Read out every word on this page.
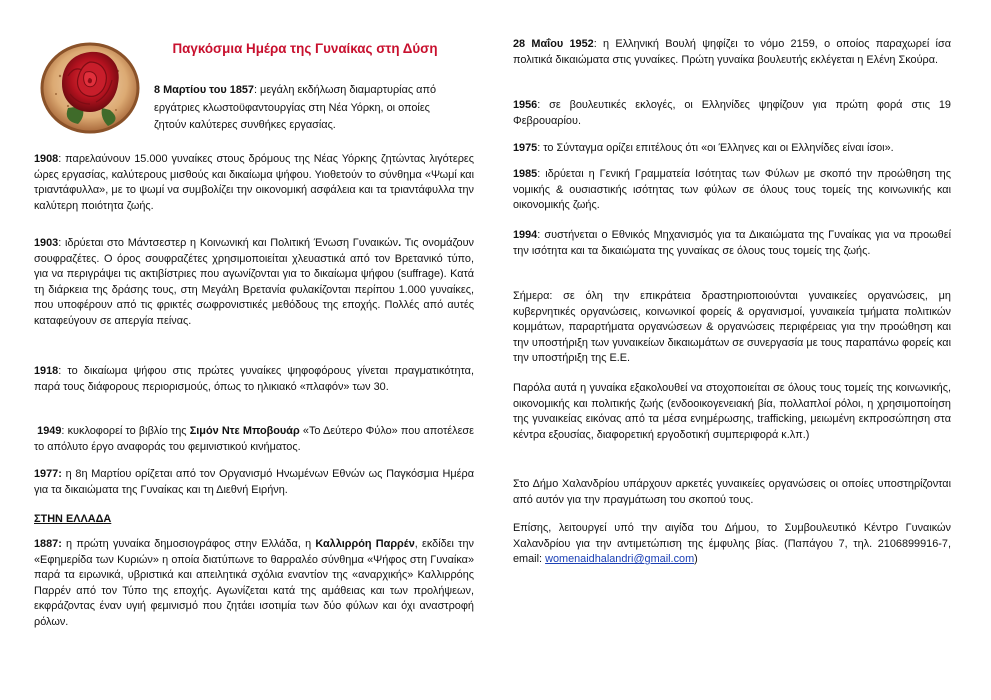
Παγκόσμια Ημέρα της Γυναίκας στη Δύση
8 Μαρτίου του 1857: μεγάλη εκδήλωση διαμαρτυρίας από εργάτριες κλωστοϋφαντουργίας στη Νέα Υόρκη, οι οποίες ζητούν καλύτερες συνθήκες εργασίας.

1908: παρελαύνουν 15.000 γυναίκες στους δρόμους της Νέας Υόρκης ζητώντας λιγότερες ώρες εργασίας, καλύτερους μισθούς και δικαίωμα ψήφου. Υιοθετούν το σύνθημα «Ψωμί και τριαντάφυλλα», με το ψωμί να συμβολίζει την οικονομική ασφάλεια και τα τριαντάφυλλα την καλύτερη ποιότητα ζωής.

1903: ιδρύεται στο Μάντσεστερ η Κοινωνική και Πολιτική Ένωση Γυναικών. Τις ονομάζουν σουφραζέτες. Ο όρος σουφραζέτες χρησιμοποιείται χλευαστικά από τον Βρετανικό τύπο, για να περιγράψει τις ακτιβίστριες που αγωνίζονται για το δικαίωμα ψήφου (suffrage). Κατά τη διάρκεια της δράσης τους, στη Μεγάλη Βρετανία φυλακίζονται περίπου 1.000 γυναίκες, που υποφέρουν από τις φρικτές σωφρονιστικές μεθόδους της εποχής. Πολλές από αυτές καταφεύγουν σε απεργία πείνας.

1918: το δικαίωμα ψήφου στις πρώτες γυναίκες ψηφοφόρους γίνεται πραγματικότητα, παρά τους διάφορους περιορισμούς, όπως το ηλικιακό «πλαφόν» των 30.

1949: κυκλοφορεί το βιβλίο της Σιμόν Ντε Μποβουάρ «Το Δεύτερο Φύλο» που αποτέλεσε το απόλυτο έργο αναφοράς του φεμινιστικού κινήματος.

1977: η 8η Μαρτίου ορίζεται από τον Οργανισμό Ηνωμένων Εθνών ως Παγκόσμια Ημέρα για τα δικαιώματα της Γυναίκας και τη Διεθνή Ειρήνη.

ΣΤΗΝ ΕΛΛΑΔΑ

1887: η πρώτη γυναίκα δημοσιογράφος στην Ελλάδα, η Καλλιρρόη Παρρέν, εκδίδει την «Εφημερίδα των Κυριών» η οποία διατύπωνε το θαρραλέο σύνθημα «Ψήφος στη Γυναίκα» παρά τα ειρωνικά, υβριστικά και απειλητικά σχόλια εναντίον της «αναρχικής» Καλλιρρόης Παρρέν από τον Τύπο της εποχής. Αγωνίζεται κατά της αμάθειας και των προλήψεων, εκφράζοντας έναν υγιή φεμινισμό που ζητάει ισοτιμία των δύο φύλων και όχι αναστροφή ρόλων.

28 Μαΐου 1952: η Ελληνική Βουλή ψηφίζει το νόμο 2159, ο οποίος παραχωρεί ίσα πολιτικά δικαιώματα στις γυναίκες. Πρώτη γυναίκα βουλευτής εκλέγεται η Ελένη Σκούρα.

1956: σε βουλευτικές εκλογές, οι Ελληνίδες ψηφίζουν για πρώτη φορά στις 19 Φεβρουαρίου.

1975: το Σύνταγμα ορίζει επιτέλους ότι «οι Έλληνες και οι Ελληνίδες είναι ίσοι».

1985: ιδρύεται η Γενική Γραμματεία Ισότητας των Φύλων με σκοπό την προώθηση της νομικής & ουσιαστικής ισότητας των φύλων σε όλους τους τομείς της κοινωνικής και οικονομικής ζωής.

1994: συστήνεται ο Εθνικός Μηχανισμός για τα Δικαιώματα της Γυναίκας για να προωθεί την ισότητα και τα δικαιώματα της γυναίκας σε όλους τους τομείς της ζωής.

Σήμερα: σε όλη την επικράτεια δραστηριοποιούνται γυναικείες οργανώσεις, μη κυβερνητικές οργανώσεις, κοινωνικοί φορείς & οργανισμοί, γυναικεία τμήματα πολιτικών κομμάτων, παραρτήματα οργανώσεων & οργανώσεις περιφέρειας για την προώθηση και την υποστήριξη των γυναικείων δικαιωμάτων σε συνεργασία με τους παραπάνω φορείς και την υποστήριξη της Ε.Ε.

Παρόλα αυτά η γυναίκα εξακολουθεί να στοχοποιείται σε όλους τους τομείς της κοινωνικής, οικονομικής και πολιτικής ζωής (ενδοοικογενειακή βία, πολλαπλοί ρόλοι, η χρησιμοποίηση της γυναικείας εικόνας από τα μέσα ενημέρωσης, trafficking, μειωμένη εκπροσώπηση στα κέντρα εξουσίας, διαφορετική εργοδοτική συμπεριφορά κ.λπ.)

Στο Δήμο Χαλανδρίου υπάρχουν αρκετές γυναικείες οργανώσεις οι οποίες υποστηρίζονται από αυτόν για την πραγμάτωση του σκοπού τους.

Επίσης, λειτουργεί υπό την αιγίδα του Δήμου, το Συμβουλευτικό Κέντρο Γυναικών Χαλανδρίου για την αντιμετώπιση της έμφυλης βίας. (Παπάγου 7, τηλ. 2106899916-7, email: womenaidhalandri@gmail.com)
